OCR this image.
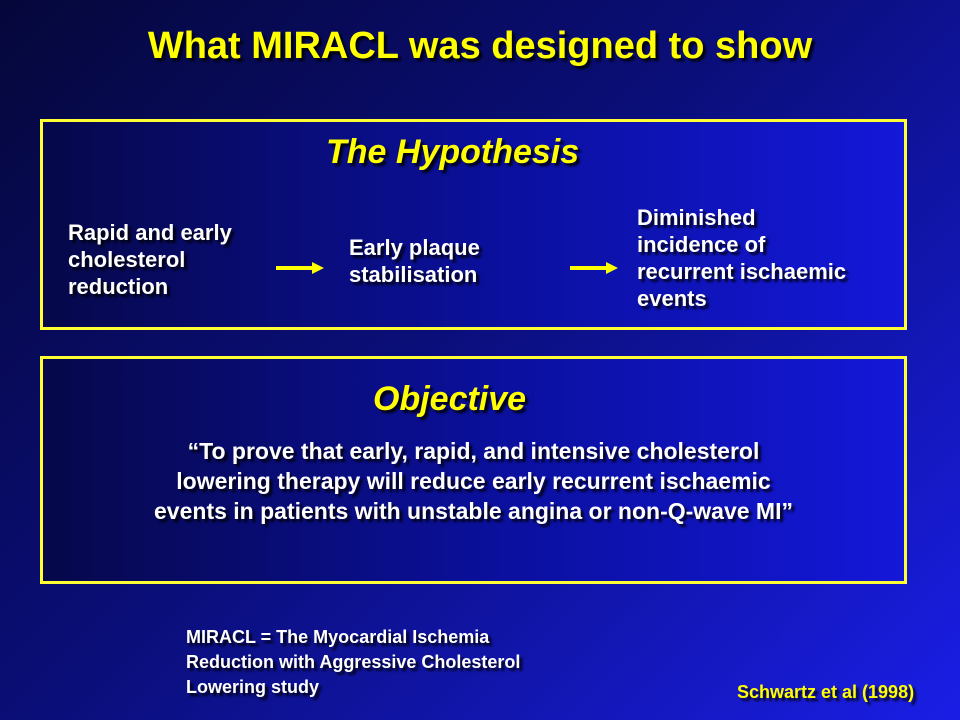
What MIRACL was designed to show
The Hypothesis
Rapid and early
cholesterol
reduction
Early plaque
stabilisation
Diminished
incidence of
recurrent ischaemic
events
Objective
“To prove that early, rapid, and intensive cholesterol
lowering therapy will reduce early recurrent ischaemic
events in patients with unstable angina or non-Q-wave MI”
MIRACL = The Myocardial Ischemia
Reduction with Aggressive Cholesterol
Lowering study	Schwartz et al (1998)
